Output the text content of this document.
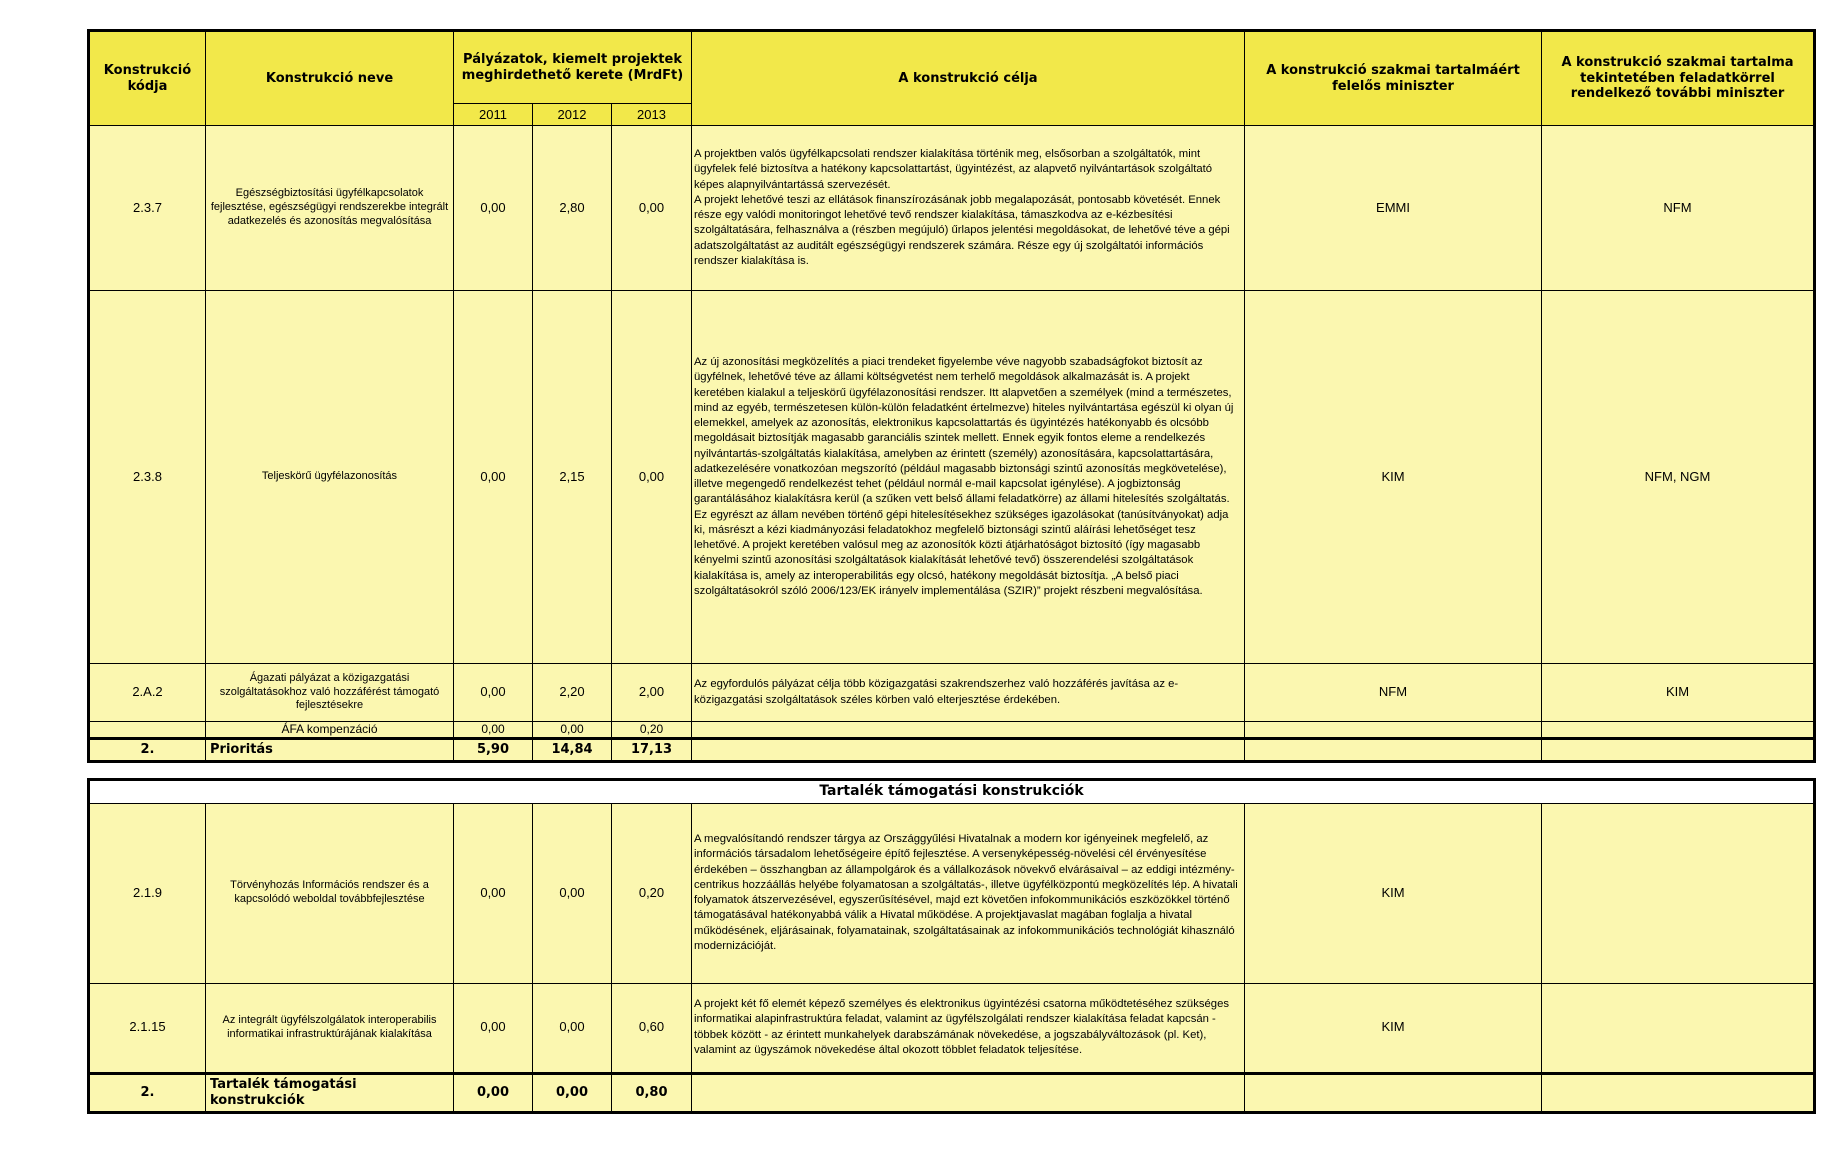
Konstrukció kódja	Konstrukció neve	Pályázatok, kiemelt projektek meghirdethető kerete (MrdFt)			A konstrukció célja	A konstrukció szakmai tartalmáért felelős miniszter	A konstrukció szakmai tartalma tekintetében feladatkörrel rendelkező további miniszter
		2011	2012	2013			
2.3.7	Egészségbiztosítási ügyfélkapcsolatok fejlesztése, egészségügyi rendszerekbe integrált adatkezelés és azonosítás megvalósítása	0,00	2,80	0,00	A projektben valós ügyfélkapcsolati rendszer kialakítása történik meg, elsősorban a szolgáltatók, mint ügyfelek felé biztosítva a hatékony kapcsolattartást, ügyintézést, az alapvető nyilvántartások szolgáltató képes alapnyilvántartássá szervezését.
A projekt lehetővé teszi az ellátások finanszírozásának jobb megalapozását, pontosabb követését. Ennek része egy valódi monitoringot lehetővé tevő rendszer kialakítása, támaszkodva az e-kézbesítési szolgáltatására, felhasználva a (részben megújuló) űrlapos jelentési megoldásokat, de lehetővé téve a gépi adatszolgáltatást az auditált egészségügyi rendszerek számára. Része egy új szolgáltatói információs rendszer kialakítása is.	EMMI	NFM
2.3.8	Teljeskörű ügyfélazonosítás	0,00	2,15	0,00	Az új azonosítási megközelítés a piaci trendeket figyelembe véve nagyobb szabadságfokot biztosít az ügyfélnek, lehetővé téve az állami költségvetést nem terhelő megoldások alkalmazását is. A projekt keretében kialakul a teljeskörű ügyfélazonosítási rendszer. Itt alapvetően a személyek (mind a természetes, mind az egyéb, természetesen külön-külön feladatként értelmezve) hiteles nyilvántartása egészül ki olyan új elemekkel, amelyek az azonosítás, elektronikus kapcsolattartás és ügyintézés hatékonyabb és olcsóbb megoldásait biztosítják magasabb garanciális szintek mellett. Ennek egyik fontos eleme a rendelkezés nyilvántartás-szolgáltatás kialakítása, amelyben az érintett (személy) azonosítására, kapcsolattartására, adatkezelésére vonatkozóan megszorító (például magasabb biztonsági szintű azonosítás megkövetelése), illetve megengedő rendelkezést tehet (például normál e-mail kapcsolat igénylése). A jogbiztonság garantálásához kialakításra kerül (a szűken vett belső állami feladatkörre) az állami hitelesítés szolgáltatás. Ez egyrészt az állam nevében történő gépi hitelesítésekhez szükséges igazolásokat (tanúsítványokat) adja ki, másrészt a kézi kiadmányozási feladatokhoz megfelelő biztonsági szintű aláírási lehetőséget tesz lehetővé. A projekt keretében valósul meg az azonosítók közti átjárhatóságot biztosító (így magasabb kényelmi szintű azonosítási szolgáltatások kialakítását lehetővé tevő) összerendelési szolgáltatások kialakítása is, amely az interoperabilitás egy olcsó, hatékony megoldását biztosítja. „A belső piaci szolgáltatásokról szóló 2006/123/EK irányelv implementálása (SZIR)” projekt részbeni megvalósítása.	KIM	NFM, NGM
2.A.2	Ágazati pályázat a közigazgatási szolgáltatásokhoz való hozzáférést támogató fejlesztésekre	0,00	2,20	2,00	Az egyfordulós pályázat célja több közigazgatási szakrendszerhez való hozzáférés javítása az e-közigazgatási szolgáltatások széles körben való elterjesztése érdekében.	NFM	KIM
	ÁFA kompenzáció	0,00	0,00	0,20			
2.	Prioritás	5,90	14,84	17,13			
Tartalék támogatási konstrukciók							
2.1.9	Törvényhozás Információs rendszer és a kapcsolódó weboldal továbbfejlesztése	0,00	0,00	0,20	A megvalósítandó rendszer tárgya az Országgyűlési Hivatalnak a modern kor igényeinek megfelelő, az információs társadalom lehetőségeire építő fejlesztése. A versenyképesség-növelési cél érvényesítése érdekében – összhangban az állampolgárok és a vállalkozások növekvő elvárásaival – az eddigi intézmény-centrikus hozzáállás helyébe folyamatosan a szolgáltatás-, illetve ügyfélközpontú megközelítés lép. A hivatali folyamatok átszervezésével, egyszerűsítésével, majd ezt követően infokommunikációs eszközökkel történő támogatásával hatékonyabbá válik a Hivatal működése. A projektjavaslat magában foglalja a hivatal működésének, eljárásainak, folyamatainak, szolgáltatásainak az infokommunikációs technológiát kihasználó modernizációját.	KIM	
2.1.15	Az integrált ügyfélszolgálatok interoperabilis informatikai infrastruktúrájának kialakítása	0,00	0,00	0,60	A projekt két fő elemét képező személyes és elektronikus ügyintézési csatorna működtetéséhez szükséges informatikai alapinfrastruktúra feladat, valamint az ügyfélszolgálati rendszer kialakítása feladat kapcsán - többek között - az érintett munkahelyek darabszámának növekedése, a jogszabályváltozások (pl. Ket), valamint az ügyszámok növekedése által okozott többlet feladatok teljesítése.	KIM	
2.	Tartalék támogatási konstrukciók	0,00	0,00	0,80			
